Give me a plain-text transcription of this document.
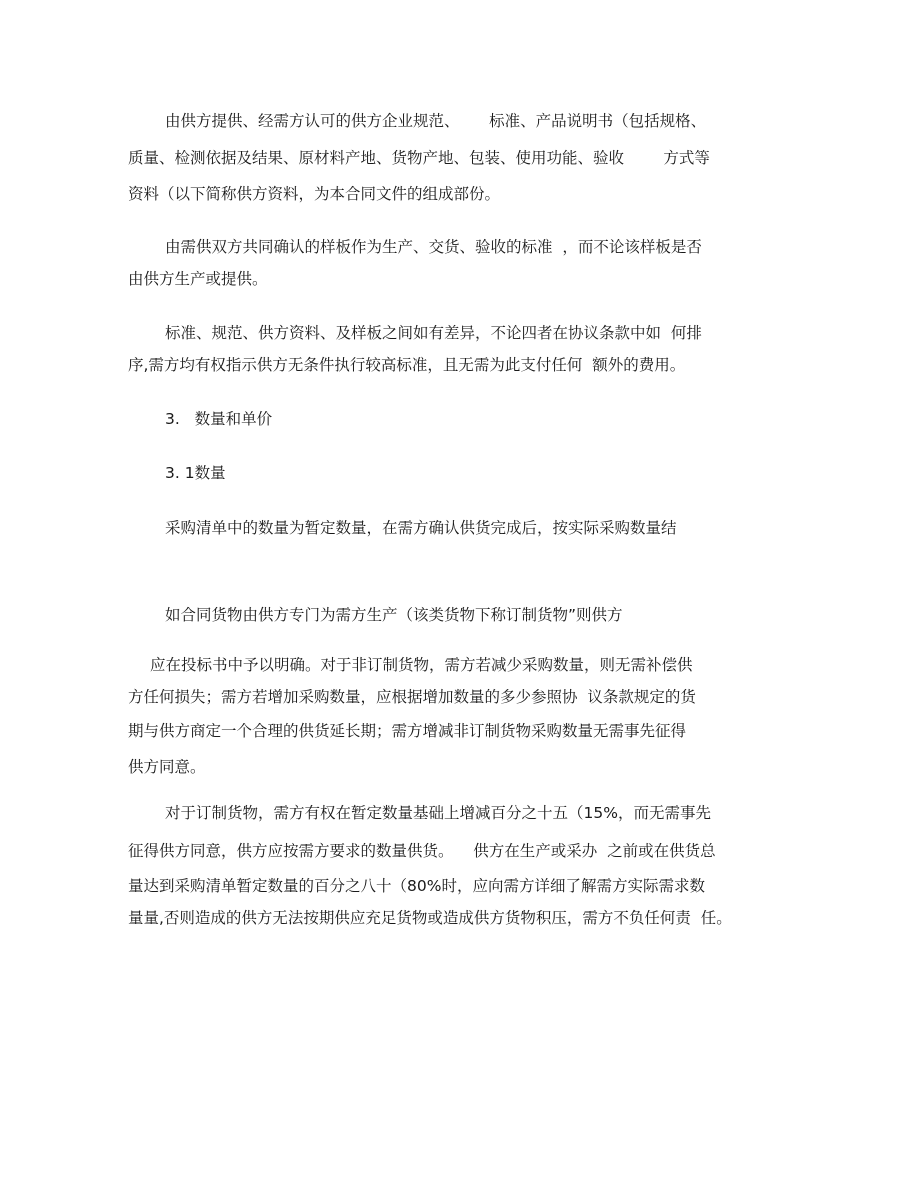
由供方提供、经需方认可的供方企业规范、      标准、产品说明书（包括规格、

质量、检测依据及结果、原材料产地、货物产地、包装、使用功能、验收        方式等

资料（以下简称供方资料，为本合同文件的组成部份。

由需供双方共同确认的样板作为生产、交货、验收的标准  ，而不论该样板是否

由供方生产或提供。

标准、规范、供方资料、及样板之间如有差异，不论四者在协议条款中如  何排

序,需方均有权指示供方无条件执行较高标准，且无需为此支付任何  额外的费用。

3.   数量和单价

3. 1数量

采购清单中的数量为暂定数量，在需方确认供货完成后，按实际采购数量结

如合同货物由供方专门为需方生产（该类货物下称订制货物”则供方

应在投标书中予以明确。对于非订制货物，需方若减少采购数量，则无需补偿供

方任何损失；需方若增加采购数量，应根据增加数量的多少参照协  议条款规定的货

期与供方商定一个合理的供货延长期；需方增减非订制货物采购数量无需事先征得

供方同意。

对于订制货物，需方有权在暂定数量基础上增减百分之十五（15%，而无需事先

征得供方同意，供方应按需方要求的数量供货。    供方在生产或采办  之前或在供货总

量达到采购清单暂定数量的百分之八十（80%时，应向需方详细了解需方实际需求数

量量,否则造成的供方无法按期供应充足货物或造成供方货物积压，需方不负任何责  任。
